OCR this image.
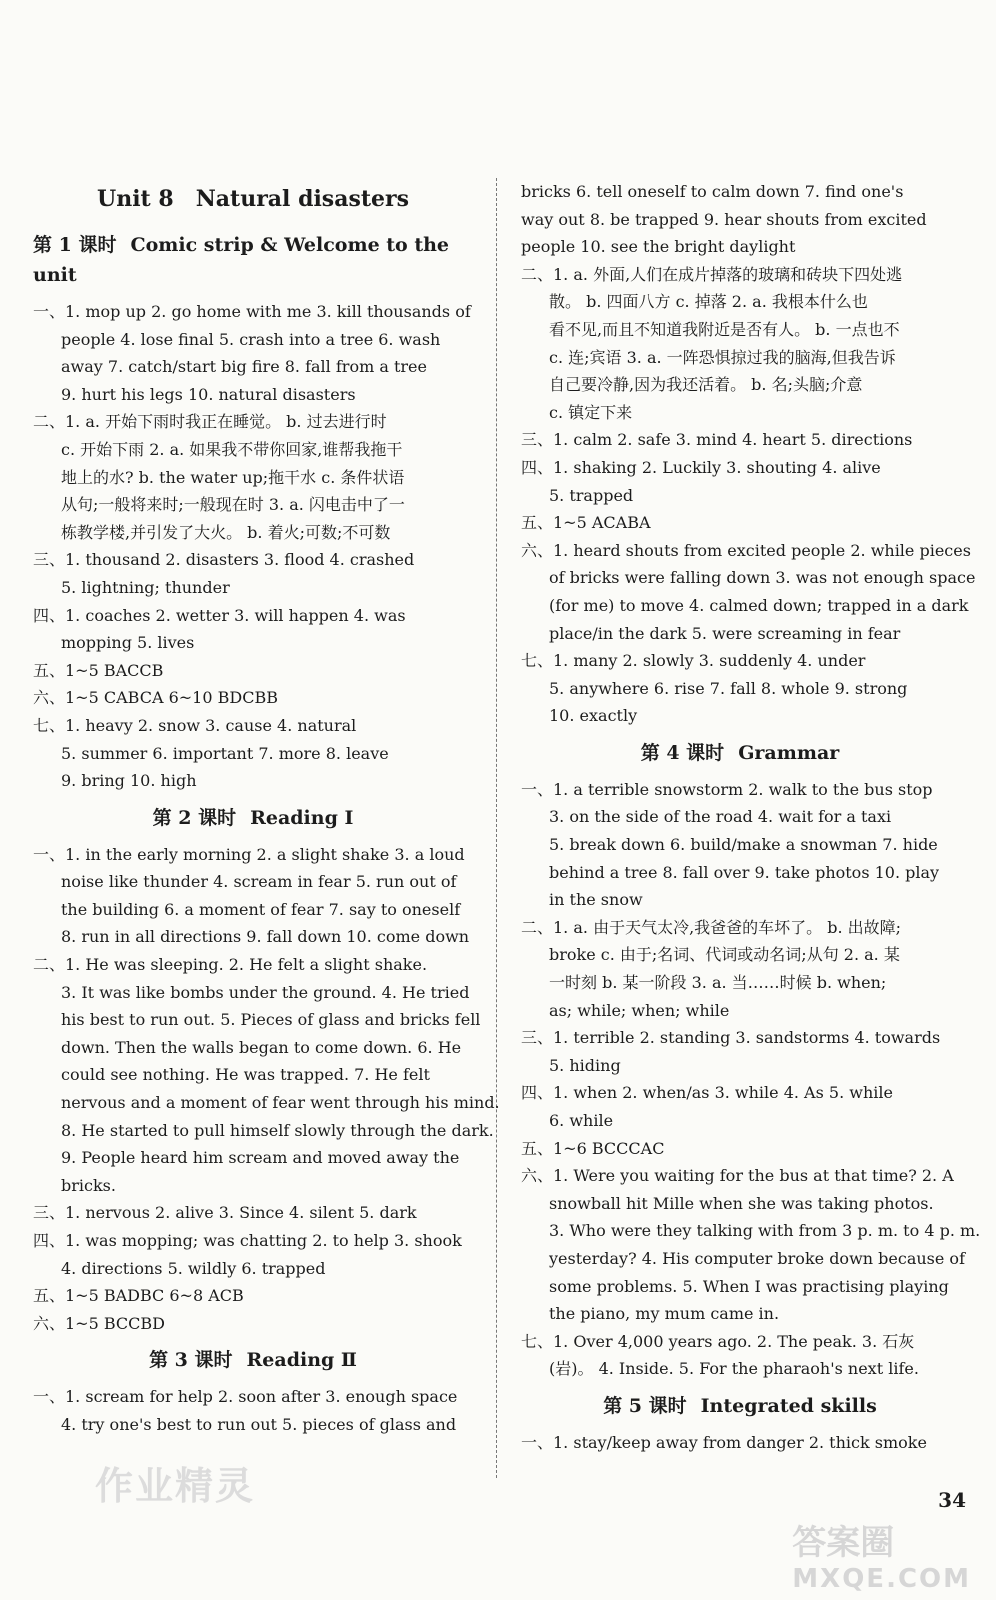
Unit 8 Natural disasters
第 1 课时 Comic strip & Welcome to the unit
一、1. mop up 2. go home with me 3. kill thousands of
people 4. lose final 5. crash into a tree 6. wash
away 7. catch/start big fire 8. fall from a tree
9. hurt his legs 10. natural disasters
二、1. a. 开始下雨时我正在睡觉。 b. 过去进行时
c. 开始下雨 2. a. 如果我不带你回家,谁帮我拖干
地上的水? b. the water up;拖干水 c. 条件状语
从句;一般将来时;一般现在时 3. a. 闪电击中了一
栋教学楼,并引发了大火。 b. 着火;可数;不可数
三、1. thousand 2. disasters 3. flood 4. crashed
5. lightning; thunder
四、1. coaches 2. wetter 3. will happen 4. was
mopping 5. lives
五、1~5 BACCB
六、1~5 CABCA 6~10 BDCBB
七、1. heavy 2. snow 3. cause 4. natural
5. summer 6. important 7. more 8. leave
9. bring 10. high
第 2 课时 Reading Ⅰ
一、1. in the early morning 2. a slight shake 3. a loud
noise like thunder 4. scream in fear 5. run out of
the building 6. a moment of fear 7. say to oneself
8. run in all directions 9. fall down 10. come down
二、1. He was sleeping. 2. He felt a slight shake.
3. It was like bombs under the ground. 4. He tried
his best to run out. 5. Pieces of glass and bricks fell
down. Then the walls began to come down. 6. He
could see nothing. He was trapped. 7. He felt
nervous and a moment of fear went through his mind.
8. He started to pull himself slowly through the dark.
9. People heard him scream and moved away the
bricks.
三、1. nervous 2. alive 3. Since 4. silent 5. dark
四、1. was mopping; was chatting 2. to help 3. shook
4. directions 5. wildly 6. trapped
五、1~5 BADBC 6~8 ACB
六、1~5 BCCBD
第 3 课时 Reading Ⅱ
一、1. scream for help 2. soon after 3. enough space
4. try one's best to run out 5. pieces of glass and
bricks 6. tell oneself to calm down 7. find one's
way out 8. be trapped 9. hear shouts from excited
people 10. see the bright daylight
二、1. a. 外面,人们在成片掉落的玻璃和砖块下四处逃
散。 b. 四面八方 c. 掉落 2. a. 我根本什么也
看不见,而且不知道我附近是否有人。 b. 一点也不
c. 连;宾语 3. a. 一阵恐惧掠过我的脑海,但我告诉
自己要冷静,因为我还活着。 b. 名;头脑;介意
c. 镇定下来
三、1. calm 2. safe 3. mind 4. heart 5. directions
四、1. shaking 2. Luckily 3. shouting 4. alive
5. trapped
五、1~5 ACABA
六、1. heard shouts from excited people 2. while pieces
of bricks were falling down 3. was not enough space
(for me) to move 4. calmed down; trapped in a dark
place/in the dark 5. were screaming in fear
七、1. many 2. slowly 3. suddenly 4. under
5. anywhere 6. rise 7. fall 8. whole 9. strong
10. exactly
第 4 课时 Grammar
一、1. a terrible snowstorm 2. walk to the bus stop
3. on the side of the road 4. wait for a taxi
5. break down 6. build/make a snowman 7. hide
behind a tree 8. fall over 9. take photos 10. play
in the snow
二、1. a. 由于天气太冷,我爸爸的车坏了。 b. 出故障;
broke c. 由于;名词、代词或动名词;从句 2. a. 某
一时刻 b. 某一阶段 3. a. 当……时候 b. when;
as; while; when; while
三、1. terrible 2. standing 3. sandstorms 4. towards
5. hiding
四、1. when 2. when/as 3. while 4. As 5. while
6. while
五、1~6 BCCCAC
六、1. Were you waiting for the bus at that time? 2. A
snowball hit Mille when she was taking photos.
3. Who were they talking with from 3 p. m. to 4 p. m.
yesterday? 4. His computer broke down because of
some problems. 5. When I was practising playing
the piano, my mum came in.
七、1. Over 4,000 years ago. 2. The peak. 3. 石灰
(岩)。 4. Inside. 5. For the pharaoh's next life.
第 5 课时 Integrated skills
一、1. stay/keep away from danger 2. thick smoke
34
作业精灵
答案圈
MXQE.COM
